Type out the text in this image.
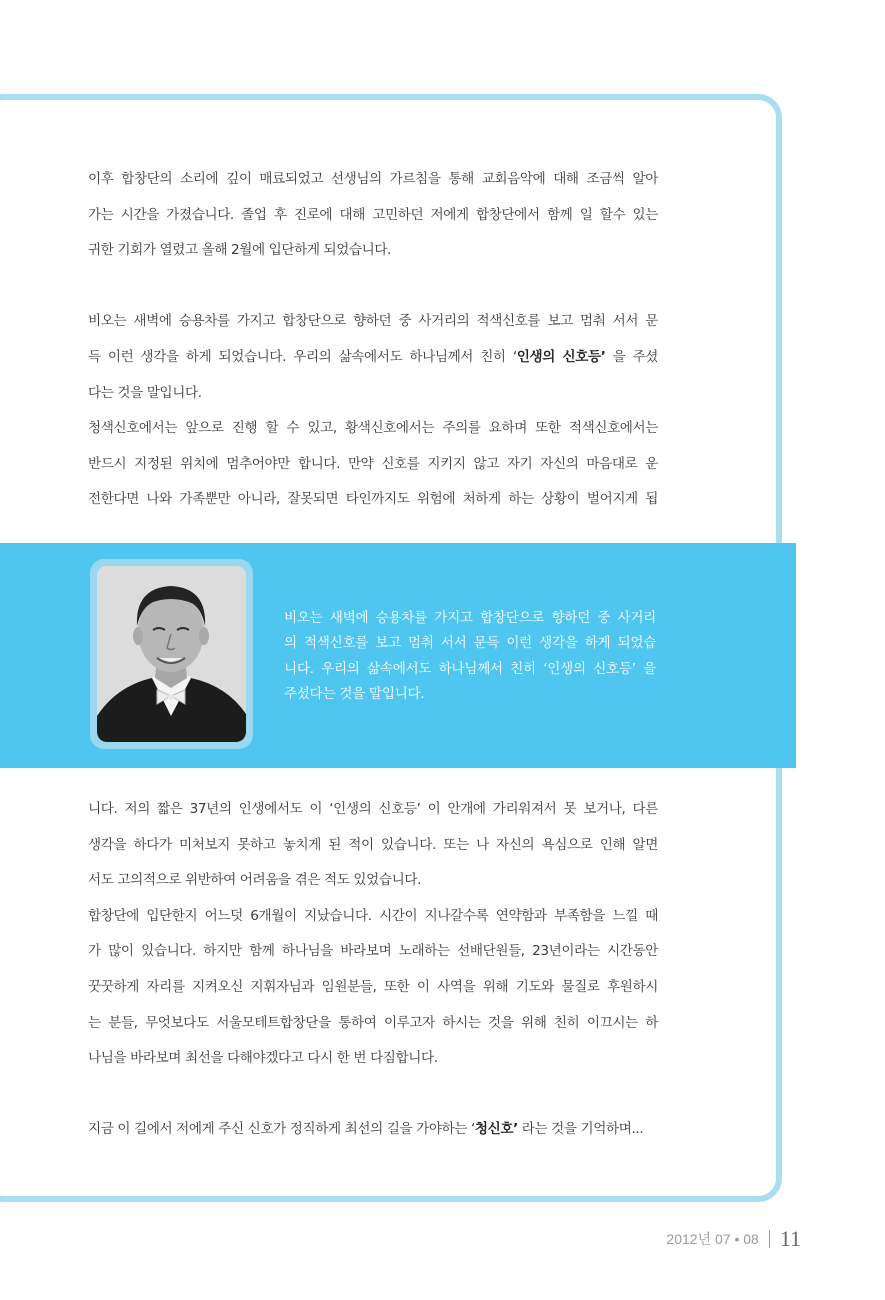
이후 합창단의 소리에 깊이 매료되었고 선생님의 가르침을 통해 교회음악에 대해 조금씩 알아
가는 시간을 가졌습니다. 졸업 후 진로에 대해 고민하던 저에게 합창단에서 함께 일 할수 있는
귀한 기회가 열렸고 올해 2월에 입단하게 되었습니다.

비오는 새벽에 승용차를 가지고 합창단으로 향하던 중 사거리의 적색신호를 보고 멈춰 서서 문
득 이런 생각을 하게 되었습니다. 우리의 삶속에서도 하나님께서 친히 ‘인생의 신호등’ 을 주셨
다는 것을 말입니다.

청색신호에서는 앞으로 진행 할 수 있고, 황색신호에서는 주의를 요하며 또한 적색신호에서는
반드시 지정된 위치에 멈추어야만 합니다. 만약 신호를 지키지 않고 자기 자신의 마음대로 운
전한다면 나와 가족뿐만 아니라, 잘못되면 타인까지도 위험에 처하게 하는 상황이 벌어지게 됩

비오는 새벽에 승용차를 가지고 합창단으로 향하던 중 사거리
의 적색신호를 보고 멈춰 서서 문득 이런 생각을 하게 되었습
니다. 우리의 삶속에서도 하나님께서 친히 ‘인생의 신호등’ 을
주셨다는 것을 말입니다.

니다. 저의 짧은 37년의 인생에서도 이 ‘인생의 신호등’ 이 안개에 가리워져서 못 보거나, 다른
생각을 하다가 미처보지 못하고 놓치게 된 적이 있습니다. 또는 나 자신의 욕심으로 인해 알면
서도 고의적으로 위반하여 어려움을 겪은 적도 있었습니다.

합창단에 입단한지 어느덧 6개월이 지났습니다. 시간이 지나갈수록 연약함과 부족함을 느낄 때
가 많이 있습니다. 하지만 함께 하나님을 바라보며 노래하는 선배단원들, 23년이라는 시간동안
꿋꿋하게 자리를 지켜오신 지휘자님과 임원분들, 또한 이 사역을 위해 기도와 물질로 후원하시
는 분들, 무엇보다도 서울모테트합창단을 통하여 이루고자 하시는 것을 위해 친히 이끄시는 하
나님을 바라보며 최선을 다해야겠다고 다시 한 번 다짐합니다.

지금 이 길에서 저에게 주신 신호가 정직하게 최선의 길을 가야하는 ‘청신호’ 라는 것을 기억하며...

2012년 07 • 08 11
